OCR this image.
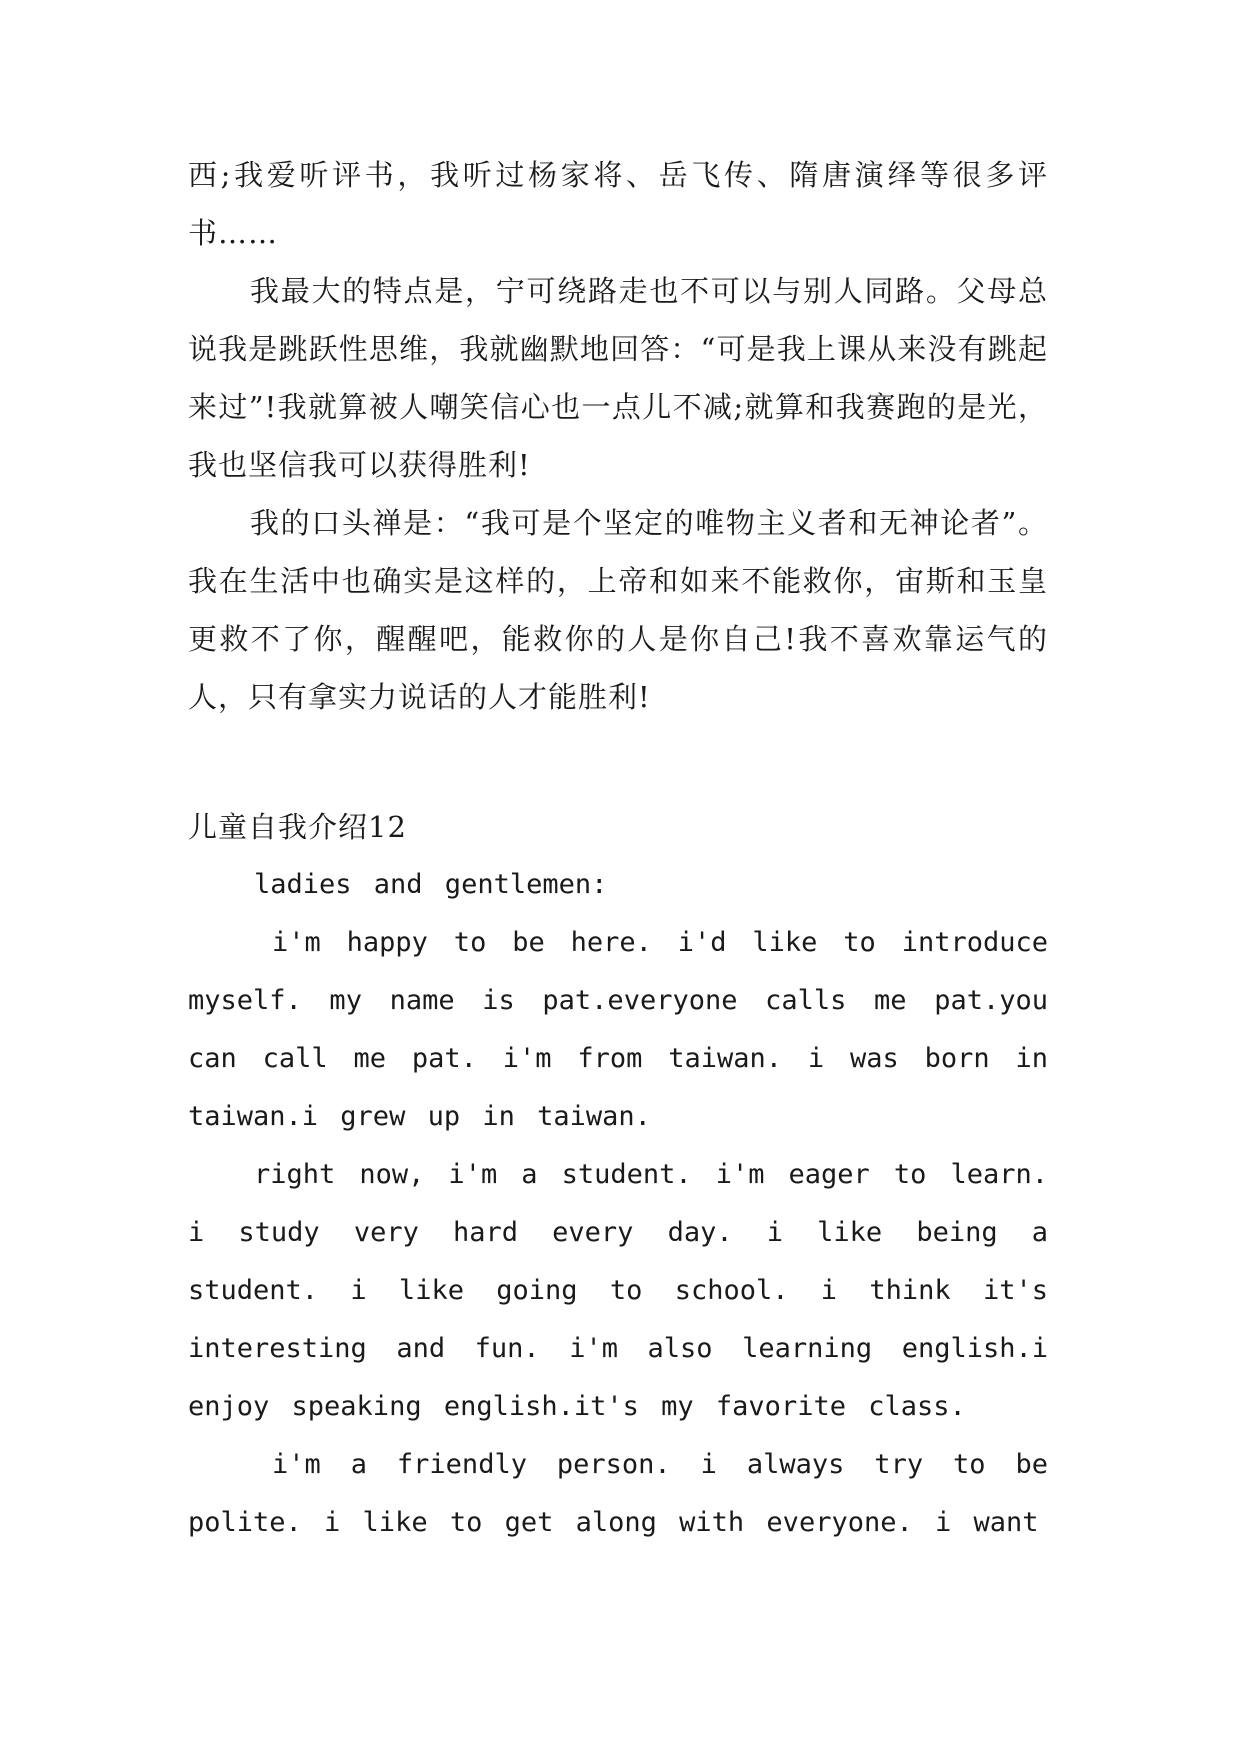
西;我爱听评书，我听过杨家将、岳飞传、隋唐演绎等很多评书……

我最大的特点是，宁可绕路走也不可以与别人同路。父母总说我是跳跃性思维，我就幽默地回答：“可是我上课从来没有跳起来过”!我就算被人嘲笑信心也一点儿不减;就算和我赛跑的是光，我也坚信我可以获得胜利!

我的口头禅是：“我可是个坚定的唯物主义者和无神论者”。我在生活中也确实是这样的，上帝和如来不能救你，宙斯和玉皇更救不了你，醒醒吧，能救你的人是你自己!我不喜欢靠运气的人，只有拿实力说话的人才能胜利!

儿童自我介绍12

ladies and gentlemen:

i'm happy to be here. i'd like to introduce myself. my name is pat.everyone calls me pat.you can call me pat. i'm from taiwan. i was born in taiwan.i grew up in taiwan.

right now, i'm a student. i'm eager to learn. i study very hard every day. i like being a student. i like going to school. i think it's interesting and fun. i'm also learning english.i enjoy speaking english.it's my favorite class.

i'm a friendly person. i always try to be polite. i like to get along with everyone. i want
